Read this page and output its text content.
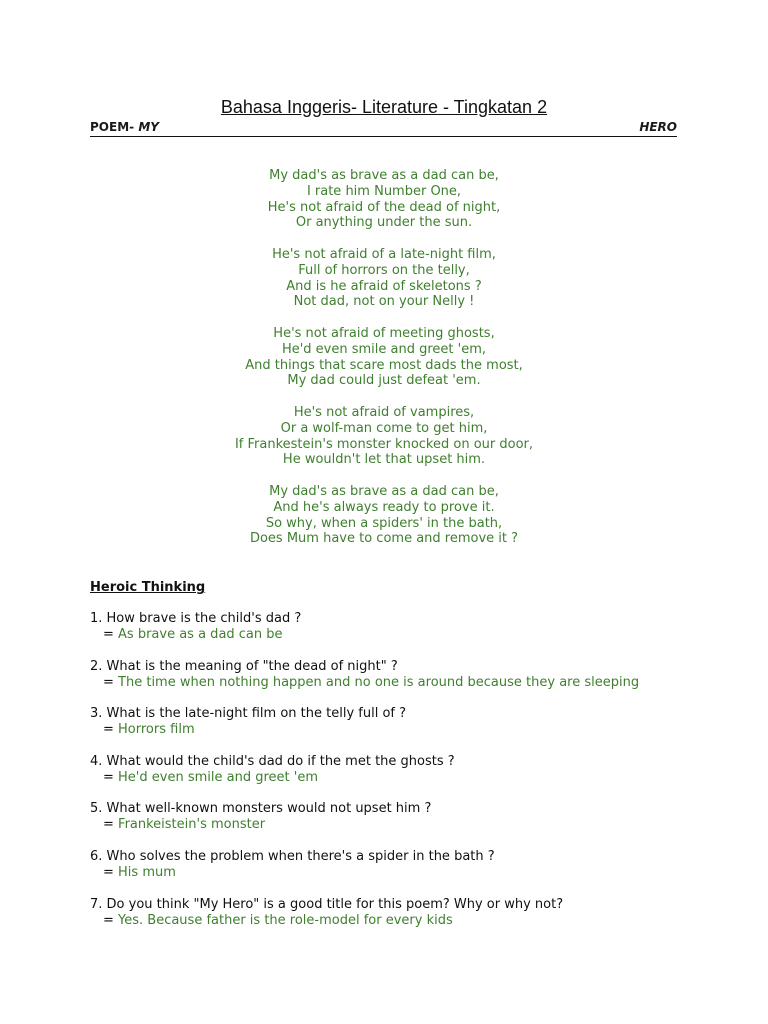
Bahasa Inggeris- Literature - Tingkatan 2
POEM- MY	HERO
My dad's as brave as a dad can be,
I rate him Number One,
He's not afraid of the dead of night,
Or anything under the sun.
He's not afraid of a late-night film,
Full of horrors on the telly,
And is he afraid of skeletons ?
Not dad, not on your Nelly !
He's not afraid of meeting ghosts,
He'd even smile and greet 'em,
And things that scare most dads the most,
My dad could just defeat 'em.
He's not afraid of vampires,
Or a wolf-man come to get him,
If Frankestein's monster knocked on our door,
He wouldn't let that upset him.
My dad's as brave as a dad can be,
And he's always ready to prove it.
So why, when a spiders' in the bath,
Does Mum have to come and remove it ?
Heroic Thinking
1. How brave is the child's dad ?
= As brave as a dad can be
2. What is the meaning of "the dead of night" ?
= The time when nothing happen and no one is around because they are sleeping
3. What is the late-night film on the telly full of ?
= Horrors film
4. What would the child's dad do if the met the ghosts ?
= He'd even smile and greet 'em
5. What well-known monsters would not upset him ?
= Frankeistein's monster
6. Who solves the problem when there's a spider in the bath ?
= His mum
7. Do you think "My Hero" is a good title for this poem? Why or why not?
= Yes. Because father is the role-model for every kids
